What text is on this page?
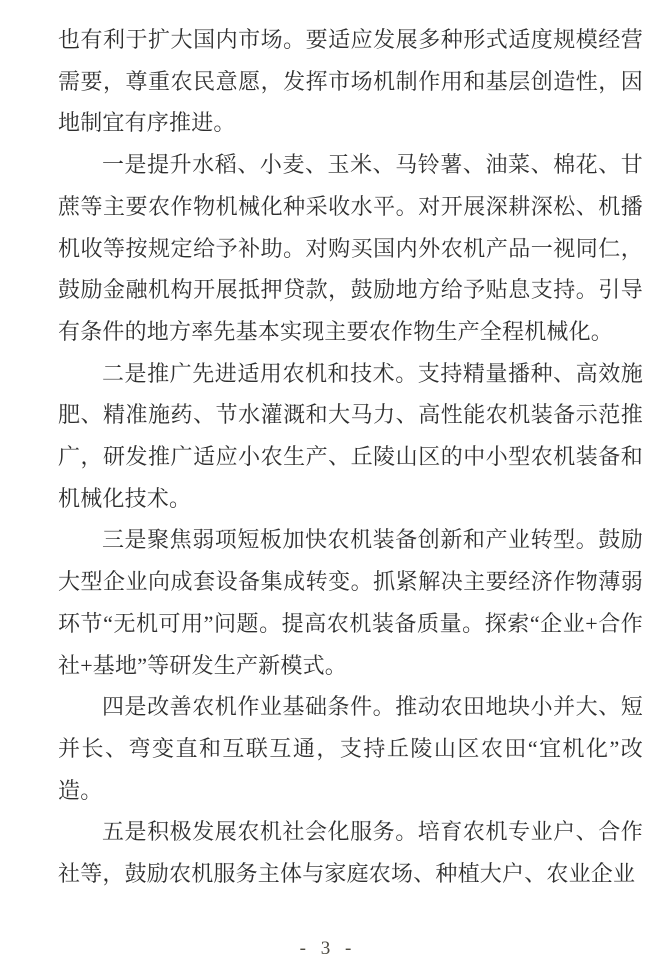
也有利于扩大国内市场。要适应发展多种形式适度规模经营需要，尊重农民意愿，发挥市场机制作用和基层创造性，因地制宜有序推进。

一是提升水稻、小麦、玉米、马铃薯、油菜、棉花、甘蔗等主要农作物机械化种采收水平。对开展深耕深松、机播机收等按规定给予补助。对购买国内外农机产品一视同仁，鼓励金融机构开展抵押贷款，鼓励地方给予贴息支持。引导有条件的地方率先基本实现主要农作物生产全程机械化。

二是推广先进适用农机和技术。支持精量播种、高效施肥、精准施药、节水灌溉和大马力、高性能农机装备示范推广，研发推广适应小农生产、丘陵山区的中小型农机装备和机械化技术。

三是聚焦弱项短板加快农机装备创新和产业转型。鼓励大型企业向成套设备集成转变。抓紧解决主要经济作物薄弱环节“无机可用”问题。提高农机装备质量。探索“企业+合作社+基地”等研发生产新模式。

四是改善农机作业基础条件。推动农田地块小并大、短并长、弯变直和互联互通，支持丘陵山区农田“宜机化”改造。

五是积极发展农机社会化服务。培育农机专业户、合作社等，鼓励农机服务主体与家庭农场、种植大户、农业企业

- 3 -
